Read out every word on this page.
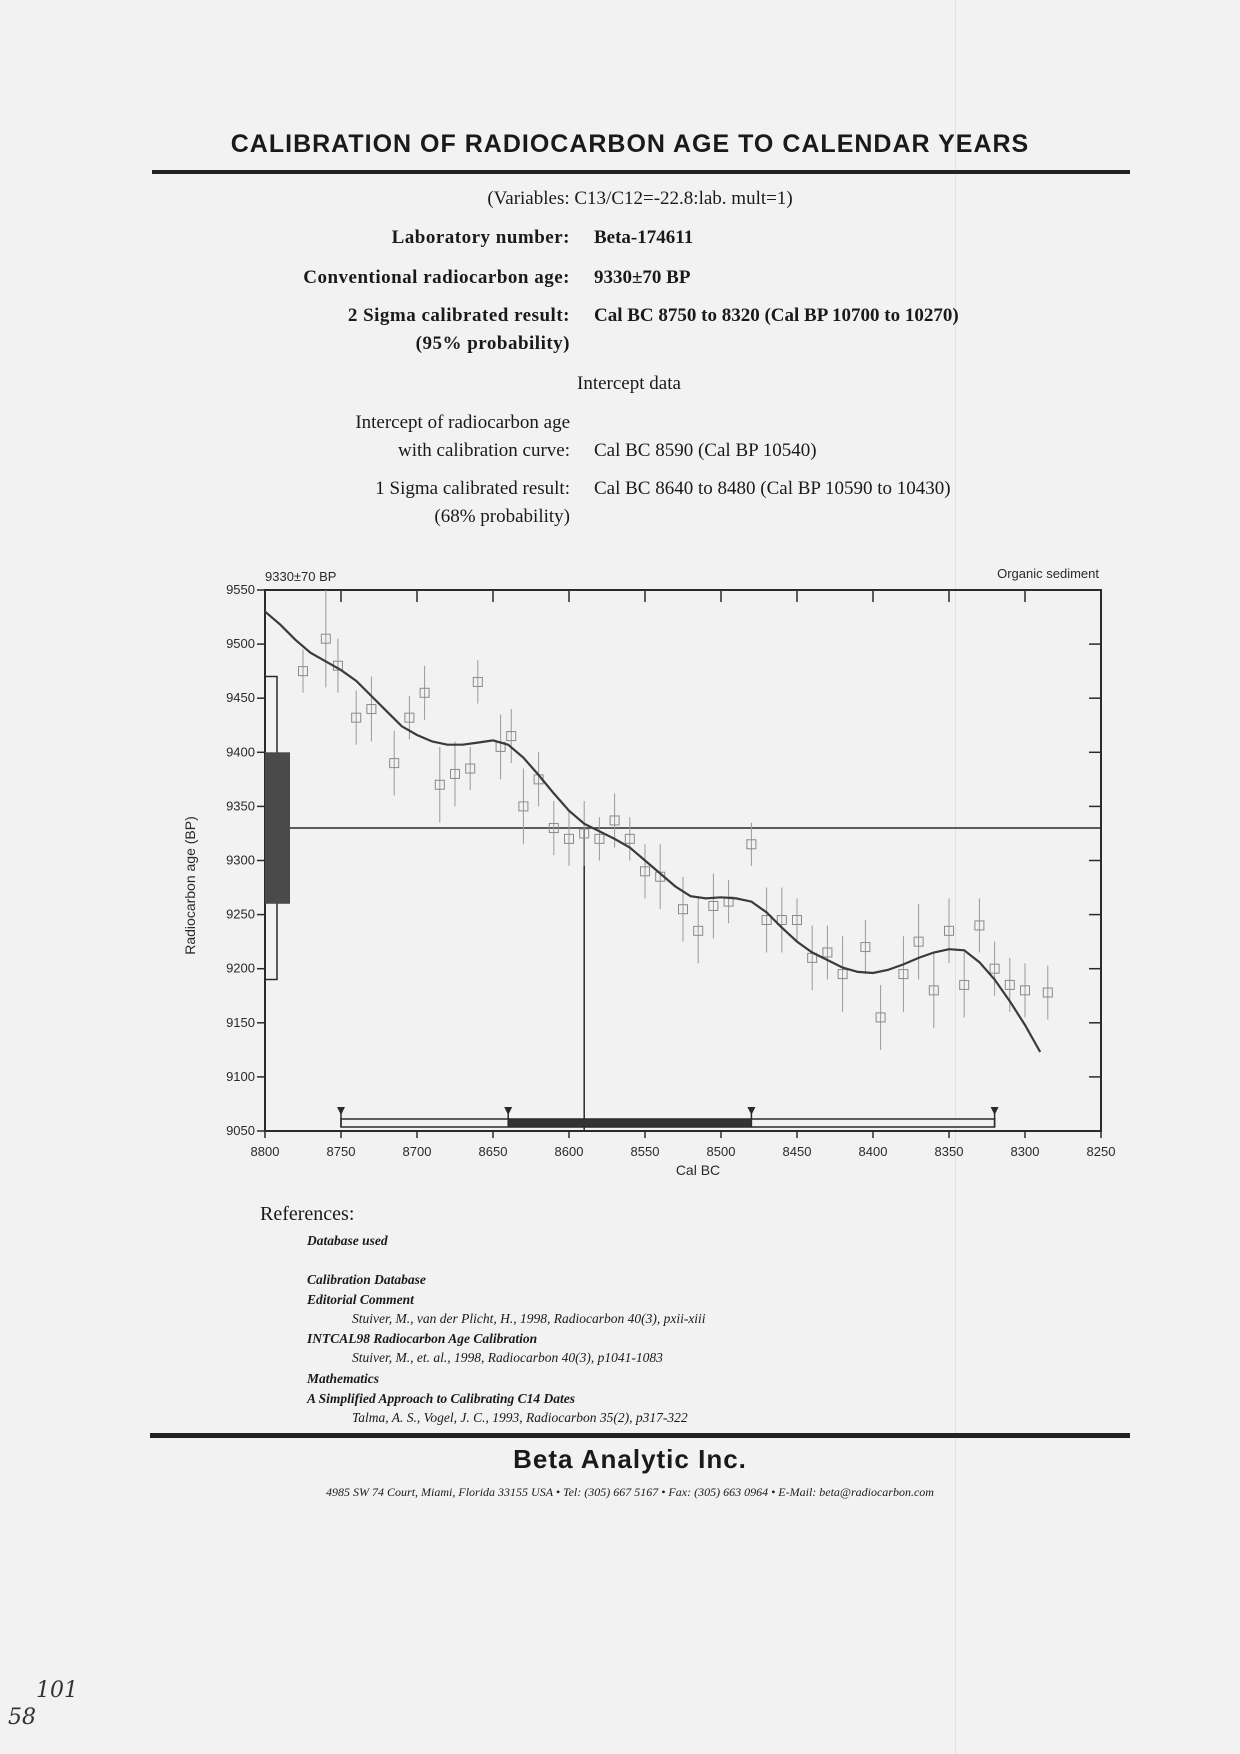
CALIBRATION OF RADIOCARBON AGE TO CALENDAR YEARS
(Variables: C13/C12=-22.8:lab. mult=1)
Laboratory number: Beta-174611
Conventional radiocarbon age: 9330±70 BP
2 Sigma calibrated result: Cal BC 8750 to 8320 (Cal BP 10700 to 10270)
(95% probability)
Intercept data
Intercept of radiocarbon age
with calibration curve: Cal BC 8590 (Cal BP 10540)
1 Sigma calibrated result: Cal BC 8640 to 8480 (Cal BP 10590 to 10430)
(68% probability)
9050
9100
9150
9200
9250
9300
9350
9400
9450
9500
9550
8800	8750	8700	8650	8600	8550	8500	8450	8400	8350	8300	8250
Cal BC
Radiocarbon age (BP)
9330±70 BP	Organic sediment
References:
Database used
Calibration Database
Editorial Comment
Stuiver, M., van der Plicht, H., 1998, Radiocarbon 40(3), pxii-xiii
INTCAL98 Radiocarbon Age Calibration
Stuiver, M., et. al., 1998, Radiocarbon 40(3), p1041-1083
Mathematics
A Simplified Approach to Calibrating C14 Dates
Talma, A. S., Vogel, J. C., 1993, Radiocarbon 35(2), p317-322
Beta Analytic Inc.
4985 SW 74 Court, Miami, Florida 33155 USA • Tel: (305) 667 5167 • Fax: (305) 663 0964 • E-Mail: beta@radiocarbon.com
101
58
